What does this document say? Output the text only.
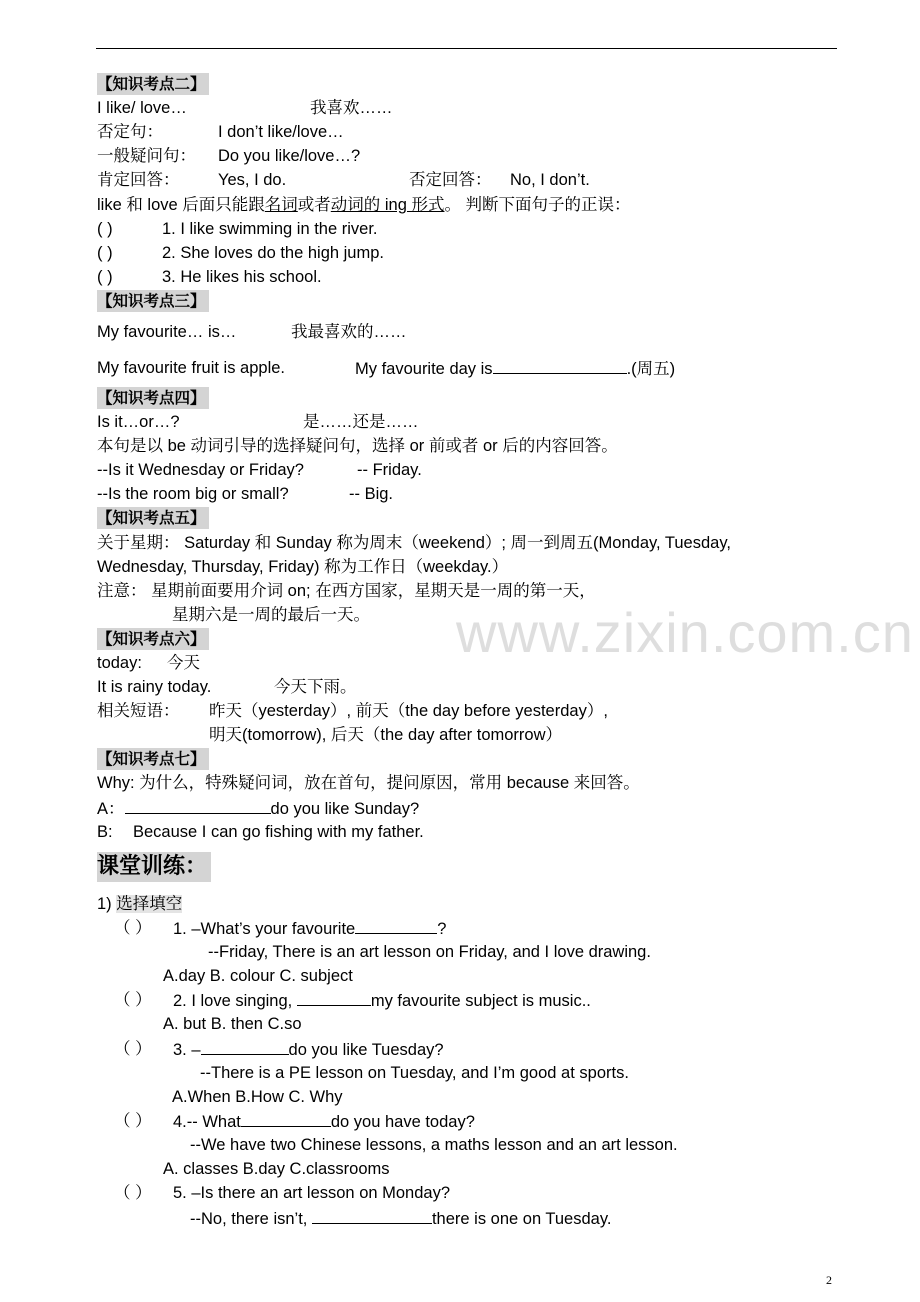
【知识考点二】
I like/ love…	我喜欢……
否定句：	I don’t like/love…
一般疑问句： Do you like/love…?
肯定回答： Yes, I do.	否定回答： No, I don’t.
like 和 love 后面只能跟名词或者动词的 ing 形式。 判断下面句子的正误：
( )	1. I like swimming in the river.
( )	2. She loves do the high jump.
( )	3. He likes his school.
【知识考点三】
My favourite… is…	我最喜欢的……
My favourite fruit is apple.	My favourite day is	.(周五)
【知识考点四】
Is it…or…?	是……还是……
本句是以 be 动词引导的选择疑问句，选择 or 前或者 or 后的内容回答。
--Is it Wednesday or Friday?	-- Friday.
--Is the room big or small?	-- Big.
【知识考点五】
关于星期： Saturday 和 Sunday 称为周末（weekend）; 周一到周五(Monday, Tuesday,
Wednesday, Thursday, Friday) 称为工作日（weekday.）
注意： 星期前面要用介词 on; 在西方国家，星期天是一周的第一天，
星期六是一周的最后一天。 www.zixin.com.cn
【知识考点六】
today: 今天
It is rainy today.	今天下雨。
相关短语： 昨天（yesterday）, 前天（the day before yesterday）,
明天(tomorrow), 后天（the day after tomorrow）
【知识考点七】
Why: 为什么，特殊疑问词，放在首句，提问原因，常用 because 来回答。
A：	do you like Sunday?
B: Because I can go fishing with my father.
课堂训练：
1) 选择填空
（ ） 1. –What’s your favourite	?
--Friday, There is an art lesson on Friday, and I love drawing.
A.day B. colour C. subject
（ ） 2. I love singing,	my favourite subject is music..
A. but B. then C.so
（ ） 3. –	do you like Tuesday?
--There is a PE lesson on Tuesday, and I’m good at sports.
A.When B.How C. Why
（ ） 4.-- What	do you have today?
--We have two Chinese lessons, a maths lesson and an art lesson.
A. classes B.day C.classrooms
（ ） 5. –Is there an art lesson on Monday?
--No, there isn’t,	there is one on Tuesday.
2
